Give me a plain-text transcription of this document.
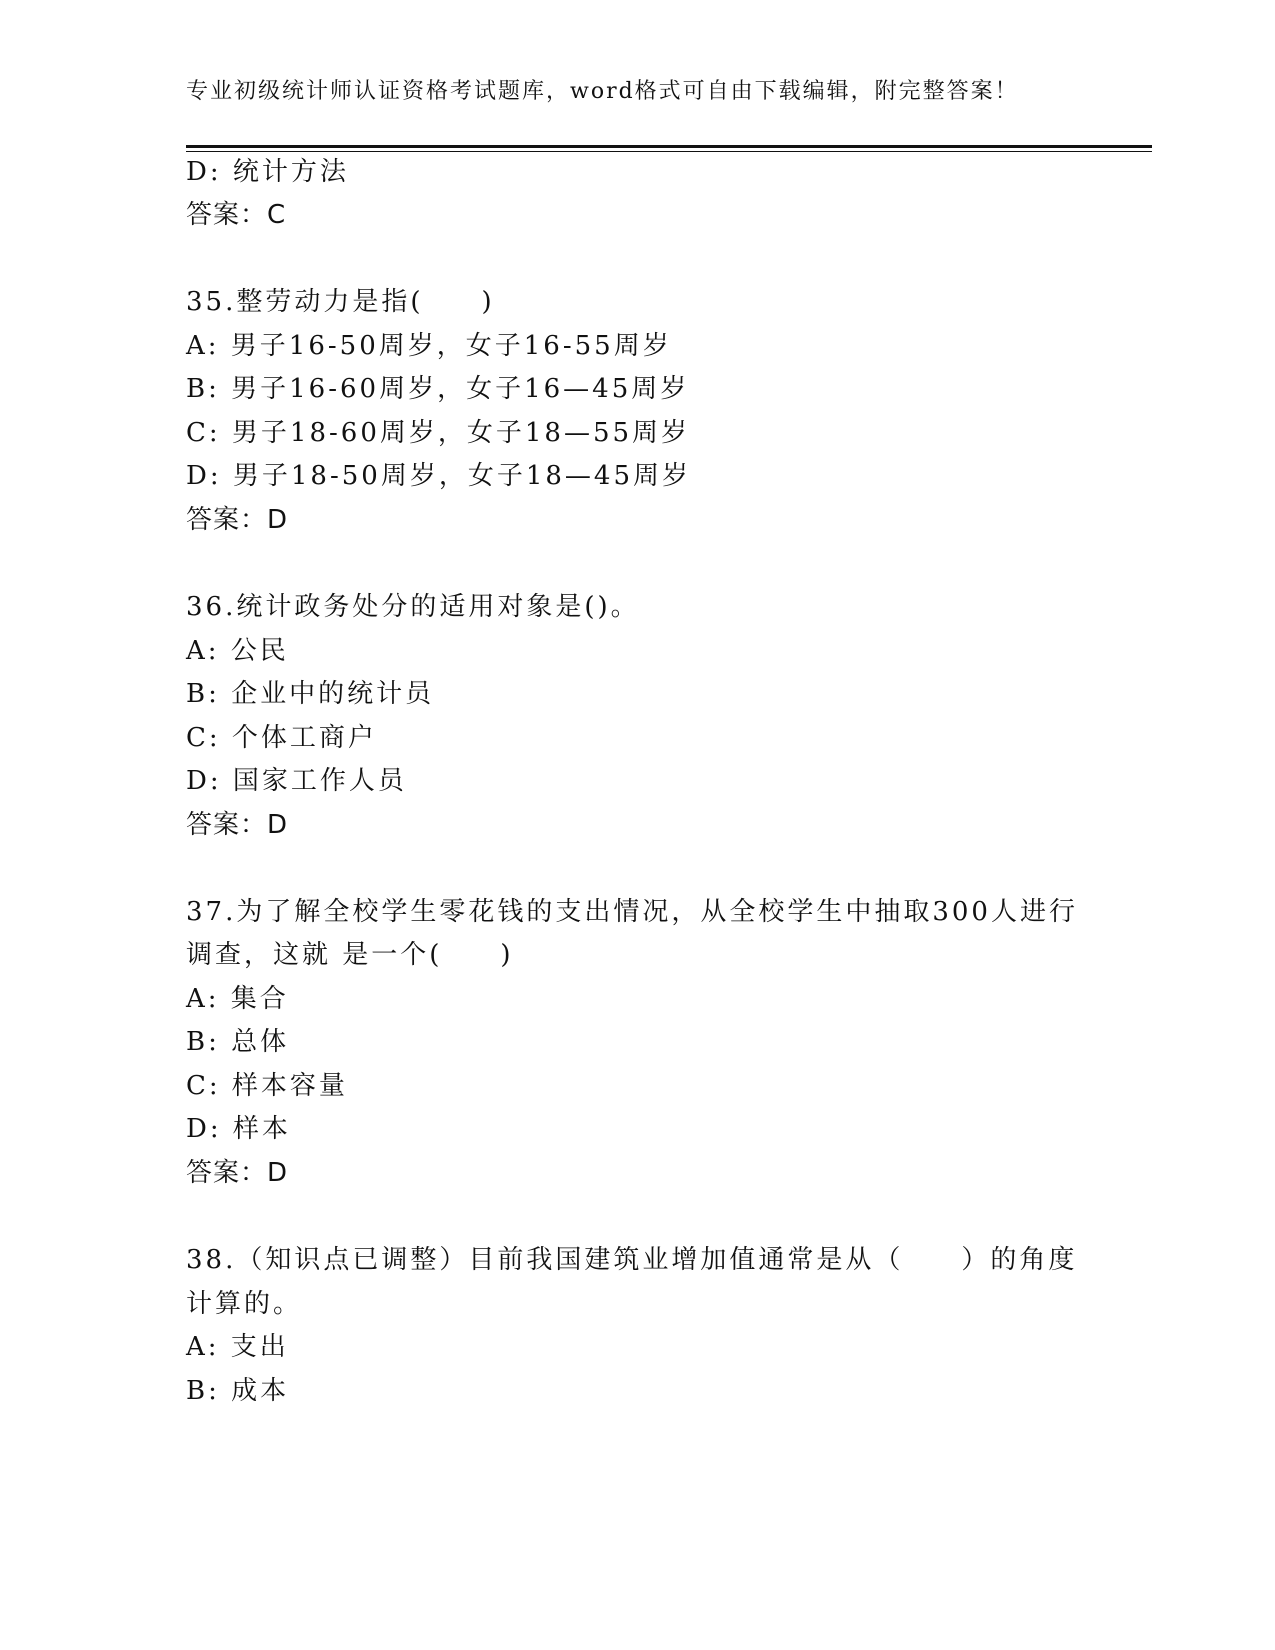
专业初级统计师认证资格考试题库，word格式可自由下载编辑，附完整答案！
D: 统计方法
答案：C
35.整劳动力是指(　　)
A: 男子16-50周岁，女子16-55周岁
B: 男子16-60周岁，女子16—45周岁
C: 男子18-60周岁，女子18—55周岁
D: 男子18-50周岁，女子18—45周岁
答案：D
36.统计政务处分的适用对象是()。
A: 公民
B: 企业中的统计员
C: 个体工商户
D: 国家工作人员
答案：D
37.为了解全校学生零花钱的支出情况，从全校学生中抽取300人进行
调查，这就 是一个(　　)
A: 集合
B: 总体
C: 样本容量
D: 样本
答案：D
38.（知识点已调整）目前我国建筑业增加值通常是从（　　）的角度
计算的。
A: 支出
B: 成本
